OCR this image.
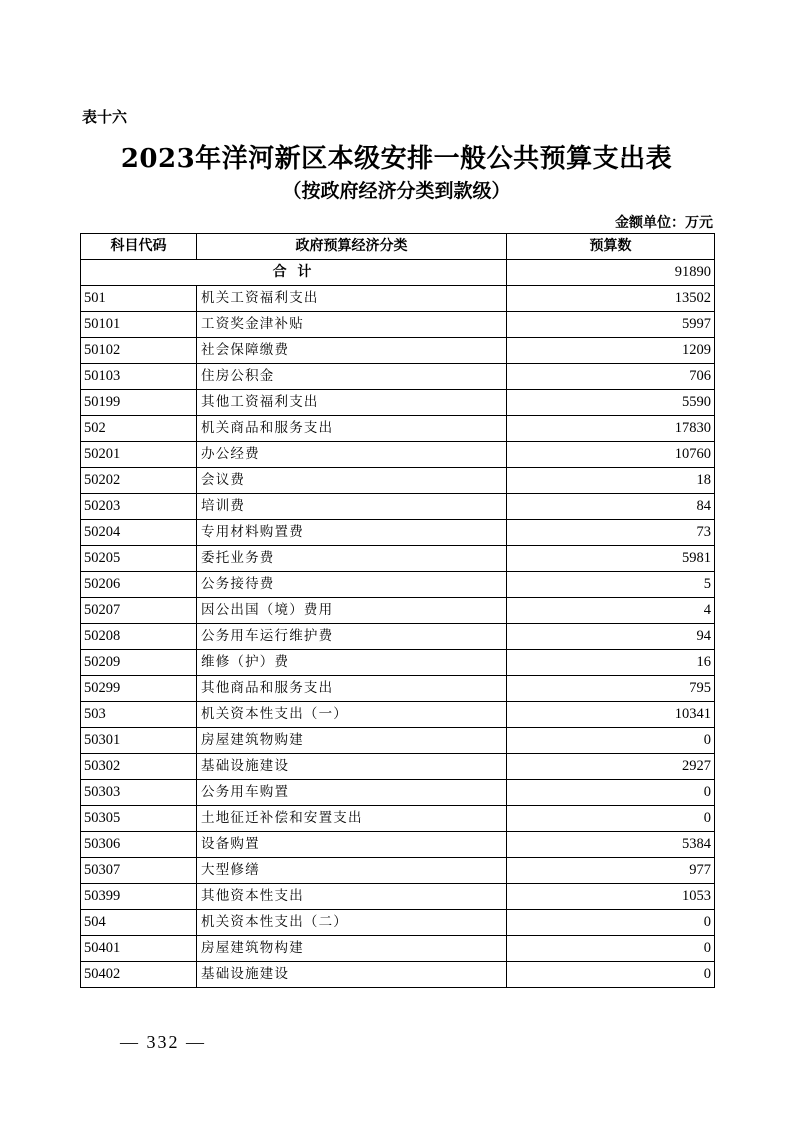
表十六
2023年洋河新区本级安排一般公共预算支出表
（按政府经济分类到款级）
金额单位：万元
科目代码	政府预算经济分类	预算数
合 计		91890
501	机关工资福利支出	13502
50101	工资奖金津补贴	5997
50102	社会保障缴费	1209
50103	住房公积金	706
50199	其他工资福利支出	5590
502	机关商品和服务支出	17830
50201	办公经费	10760
50202	会议费	18
50203	培训费	84
50204	专用材料购置费	73
50205	委托业务费	5981
50206	公务接待费	5
50207	因公出国（境）费用	4
50208	公务用车运行维护费	94
50209	维修（护）费	16
50299	其他商品和服务支出	795
503	机关资本性支出（一）	10341
50301	房屋建筑物购建	0
50302	基础设施建设	2927
50303	公务用车购置	0
50305	土地征迁补偿和安置支出	0
50306	设备购置	5384
50307	大型修缮	977
50399	其他资本性支出	1053
504	机关资本性支出（二）	0
50401	房屋建筑物构建	0
50402	基础设施建设	0
— 332 —
